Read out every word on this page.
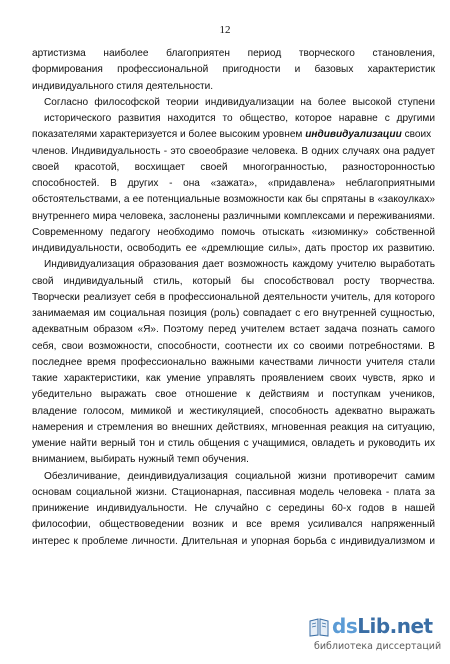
12
артистизма наиболее благоприятен период творческого становления,
формирования профессиональной пригодности и базовых характеристик
индивидуального стиля деятельности.
Согласно философской теории индивидуализации на более высокой ступени
исторического развития находится то общество, которое наравне с другими
показателями характеризуется и более высоким уровнем индивидуализации своих
членов. Индивидуальность - это своеобразие человека. В одних случаях она радует
своей красотой, восхищает своей многогранностью, разносторонностью
способностей. В других - она «зажата», «придавлена» неблагоприятными
обстоятельствами, а ее потенциальные возможности как бы спрятаны в «закоулках»
внутреннего мира человека, заслонены различными комплексами и переживаниями.
Современному педагогу необходимо помочь отыскать «изюминку» собственной
индивидуальности, освободить ее «дремлющие силы», дать простор их развитию.
Индивидуализация образования дает возможность каждому учителю выработать
свой индивидуальный стиль, который бы способствовал росту творчества.
Творчески реализует себя в профессиональной деятельности учитель, для которого
занимаемая им социальная позиция (роль) совпадает с его внутренней сущностью,
адекватным образом «Я». Поэтому перед учителем встает задача познать самого
себя, свои возможности, способности, соотнести их со своими потребностями. В
последнее время профессионально важными качествами личности учителя стали
такие характеристики, как умение управлять проявлением своих чувств, ярко и
убедительно выражать свое отношение к действиям и поступкам учеников,
владение голосом, мимикой и жестикуляцией, способность адекватно выражать
намерения и стремления во внешних действиях, мгновенная реакция на ситуацию,
умение найти верный тон и стиль общения с учащимися, овладеть и руководить их
вниманием, выбирать нужный темп обучения.
Обезличивание, деиндивидуализация социальной жизни противоречит самим
основам социальной жизни. Стационарная, пассивная модель человека - плата за
принижение индивидуальности. Не случайно с середины 60-х годов в нашей
философии, обществоведении возник и все время усиливался напряженный
интерес к проблеме личности. Длительная и упорная борьба с индивидуализмом и
dsLib.net
библиотека диссертаций
